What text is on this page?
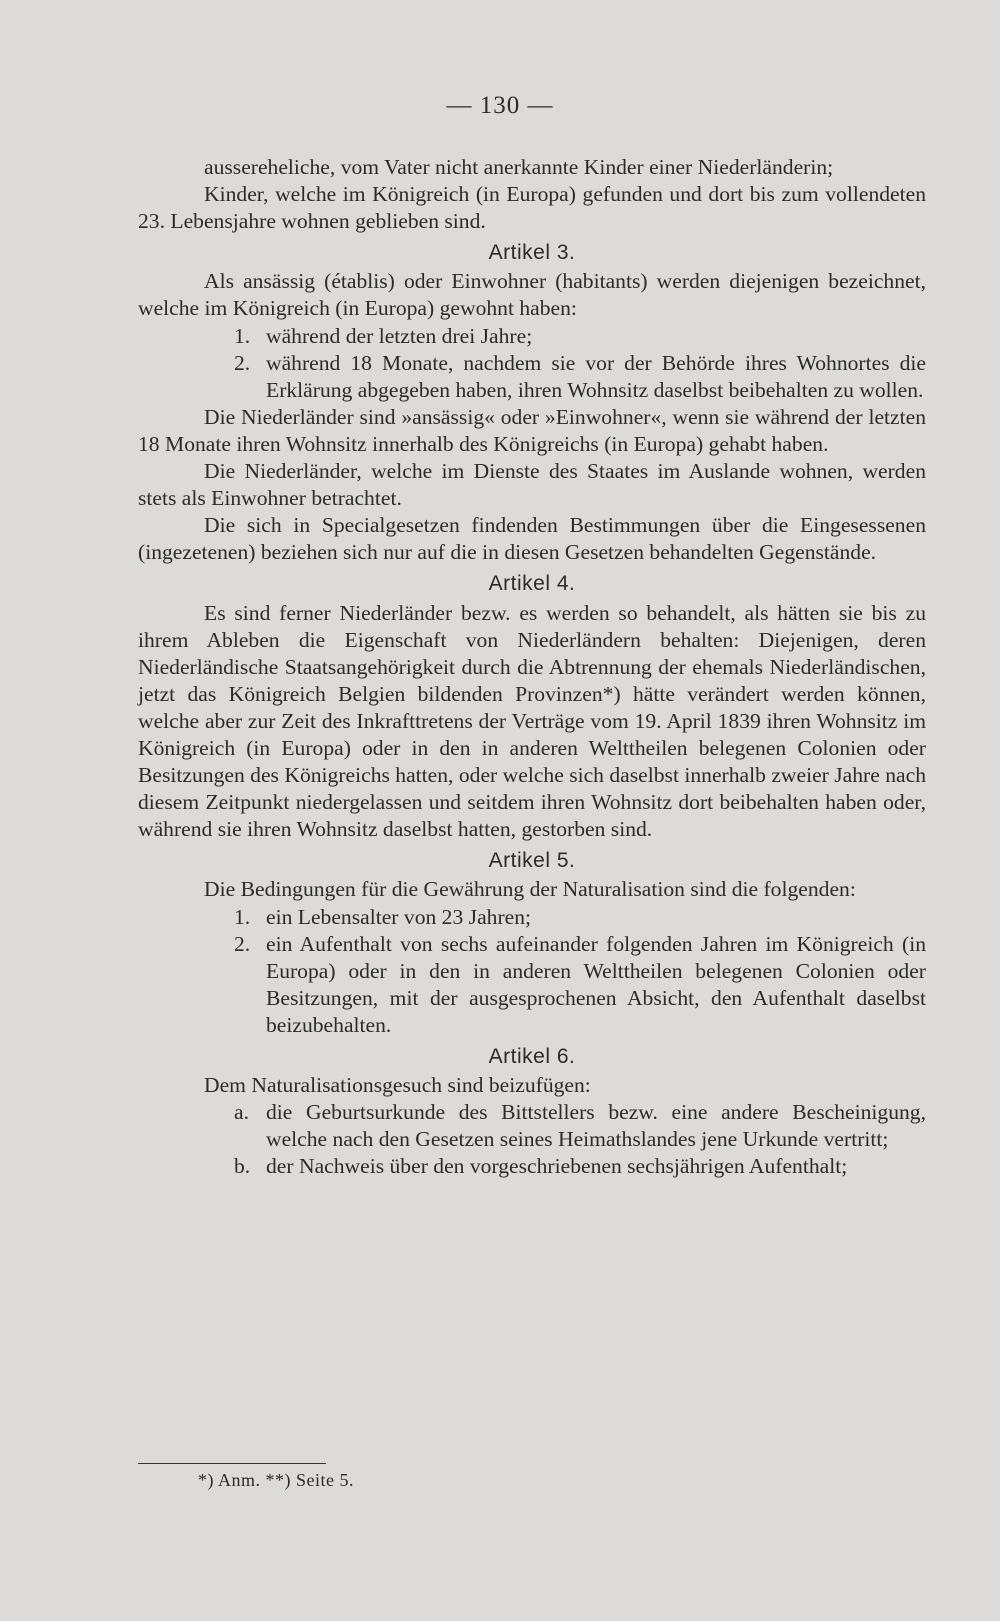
— 130 —

aussereheliche, vom Vater nicht anerkannte Kinder einer Niederländerin;

Kinder, welche im Königreich (in Europa) gefunden und dort bis zum vollendeten 23. Lebensjahre wohnen geblieben sind.

Artikel 3.

Als ansässig (établis) oder Einwohner (habitants) werden diejenigen bezeichnet, welche im Königreich (in Europa) gewohnt haben:

1. während der letzten drei Jahre;

2. während 18 Monate, nachdem sie vor der Behörde ihres Wohnortes die Erklärung abgegeben haben, ihren Wohnsitz daselbst beibehalten zu wollen.

Die Niederländer sind »ansässig« oder »Einwohner«, wenn sie während der letzten 18 Monate ihren Wohnsitz innerhalb des Königreichs (in Europa) gehabt haben.

Die Niederländer, welche im Dienste des Staates im Auslande wohnen, werden stets als Einwohner betrachtet.

Die sich in Specialgesetzen findenden Bestimmungen über die Eingesessenen (ingezetenen) beziehen sich nur auf die in diesen Gesetzen behandelten Gegenstände.

Artikel 4.

Es sind ferner Niederländer bezw. es werden so behandelt, als hätten sie bis zu ihrem Ableben die Eigenschaft von Niederländern behalten: Diejenigen, deren Niederländische Staatsangehörigkeit durch die Abtrennung der ehemals Niederländischen, jetzt das Königreich Belgien bildenden Provinzen*) hätte verändert werden können, welche aber zur Zeit des Inkrafttretens der Verträge vom 19. April 1839 ihren Wohnsitz im Königreich (in Europa) oder in den in anderen Welttheilen belegenen Colonien oder Besitzungen des Königreichs hatten, oder welche sich daselbst innerhalb zweier Jahre nach diesem Zeitpunkt niedergelassen und seitdem ihren Wohnsitz dort beibehalten haben oder, während sie ihren Wohnsitz daselbst hatten, gestorben sind.

Artikel 5.

Die Bedingungen für die Gewährung der Naturalisation sind die folgenden:

1. ein Lebensalter von 23 Jahren;

2. ein Aufenthalt von sechs aufeinander folgenden Jahren im Königreich (in Europa) oder in den in anderen Welttheilen belegenen Colonien oder Besitzungen, mit der ausgesprochenen Absicht, den Aufenthalt daselbst beizubehalten.

Artikel 6.

Dem Naturalisationsgesuch sind beizufügen:

a. die Geburtsurkunde des Bittstellers bezw. eine andere Bescheinigung, welche nach den Gesetzen seines Heimathslandes jene Urkunde vertritt;

b. der Nachweis über den vorgeschriebenen sechsjährigen Aufenthalt;

*) Anm. **) Seite 5.
